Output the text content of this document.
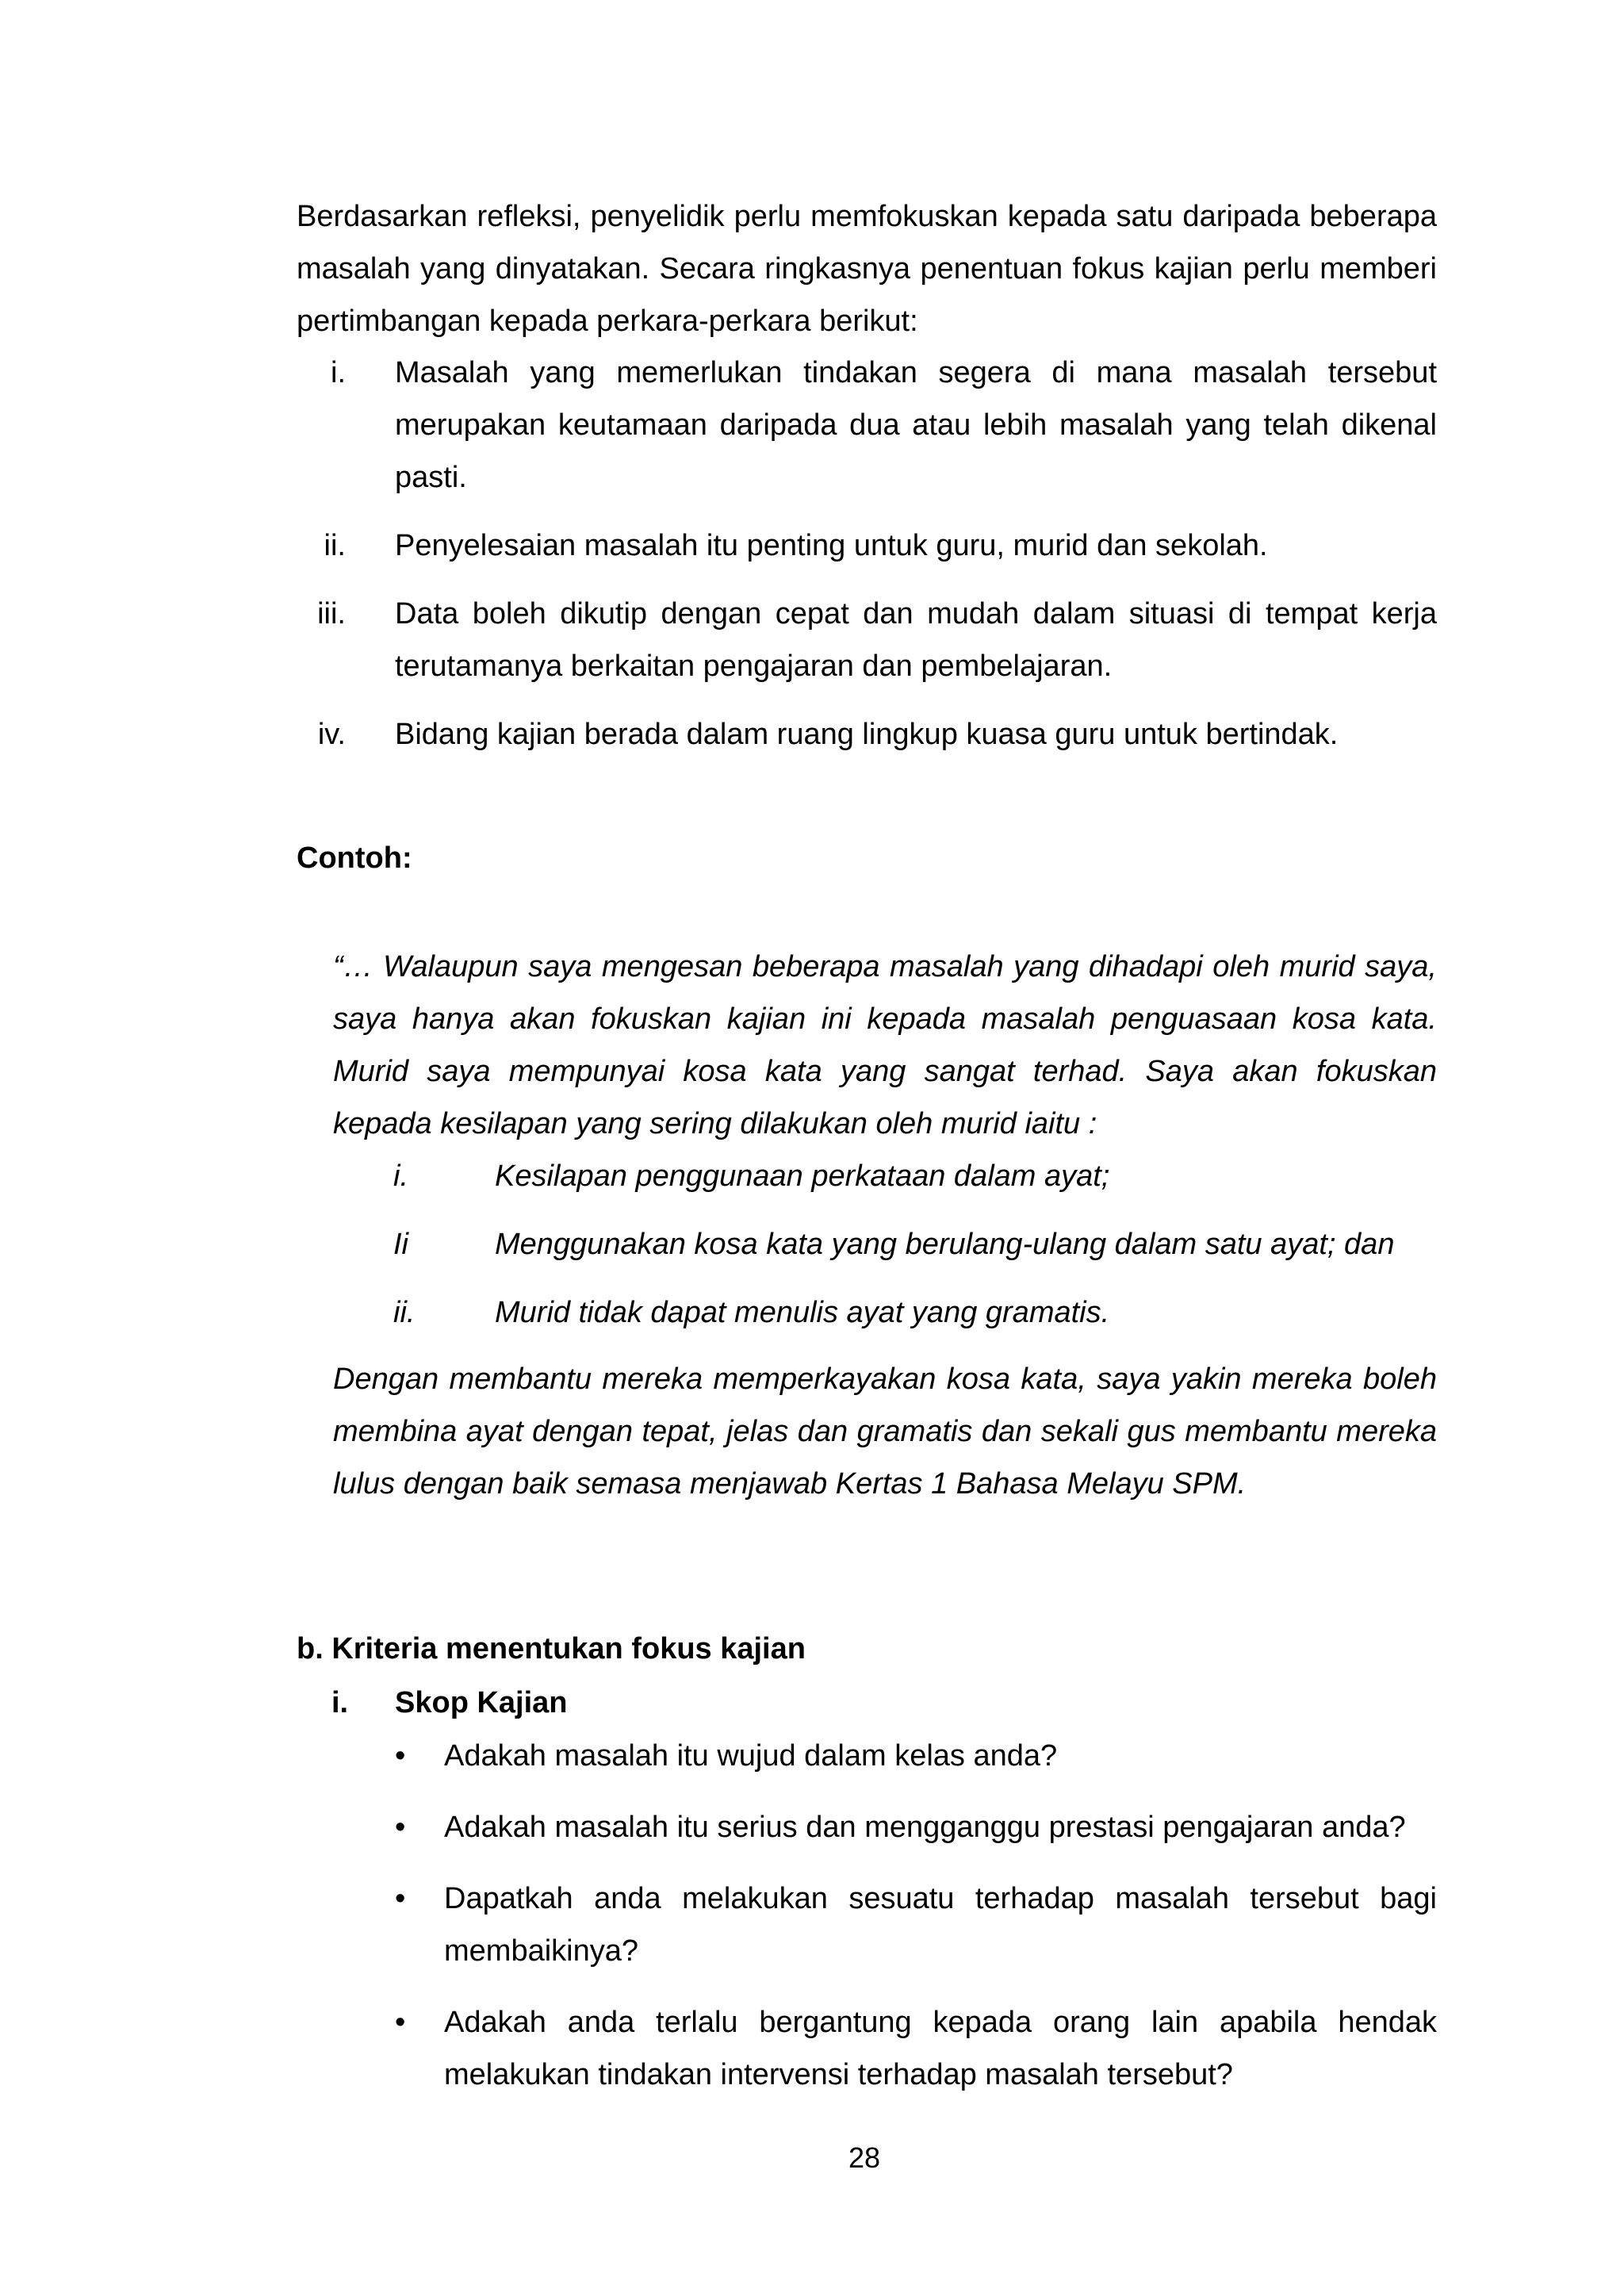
Berdasarkan refleksi, penyelidik perlu memfokuskan kepada satu daripada beberapa masalah yang dinyatakan. Secara ringkasnya penentuan fokus kajian perlu memberi pertimbangan kepada perkara-perkara berikut:

i. Masalah yang memerlukan tindakan segera di mana masalah tersebut merupakan keutamaan daripada dua atau lebih masalah yang telah dikenal pasti.
ii. Penyelesaian masalah itu penting untuk guru, murid dan sekolah.
iii. Data boleh dikutip dengan cepat dan mudah dalam situasi di tempat kerja terutamanya berkaitan pengajaran dan pembelajaran.
iv. Bidang kajian berada dalam ruang lingkup kuasa guru untuk bertindak.
Contoh:

“… Walaupun saya mengesan beberapa masalah yang dihadapi oleh murid saya, saya hanya akan fokuskan kajian ini kepada masalah penguasaan kosa kata. Murid saya mempunyai kosa kata yang sangat terhad. Saya akan fokuskan kepada kesilapan yang sering dilakukan oleh murid iaitu :

i.	Kesilapan penggunaan perkataan dalam ayat;
Ii	Menggunakan kosa kata yang berulang-ulang dalam satu ayat; dan
ii.	Murid tidak dapat menulis ayat yang gramatis.

Dengan membantu mereka memperkayakan kosa kata, saya yakin mereka boleh membina ayat dengan tepat, jelas dan gramatis dan sekali gus membantu mereka lulus dengan baik semasa menjawab Kertas 1 Bahasa Melayu SPM.

b. Kriteria menentukan fokus kajian
i. Skop Kajian
• Adakah masalah itu wujud dalam kelas anda?
• Adakah masalah itu serius dan mengganggu prestasi pengajaran anda?
• Dapatkah anda melakukan sesuatu terhadap masalah tersebut bagi membaikinya?
• Adakah anda terlalu bergantung kepada orang lain apabila hendak melakukan tindakan intervensi terhadap masalah tersebut?
28
